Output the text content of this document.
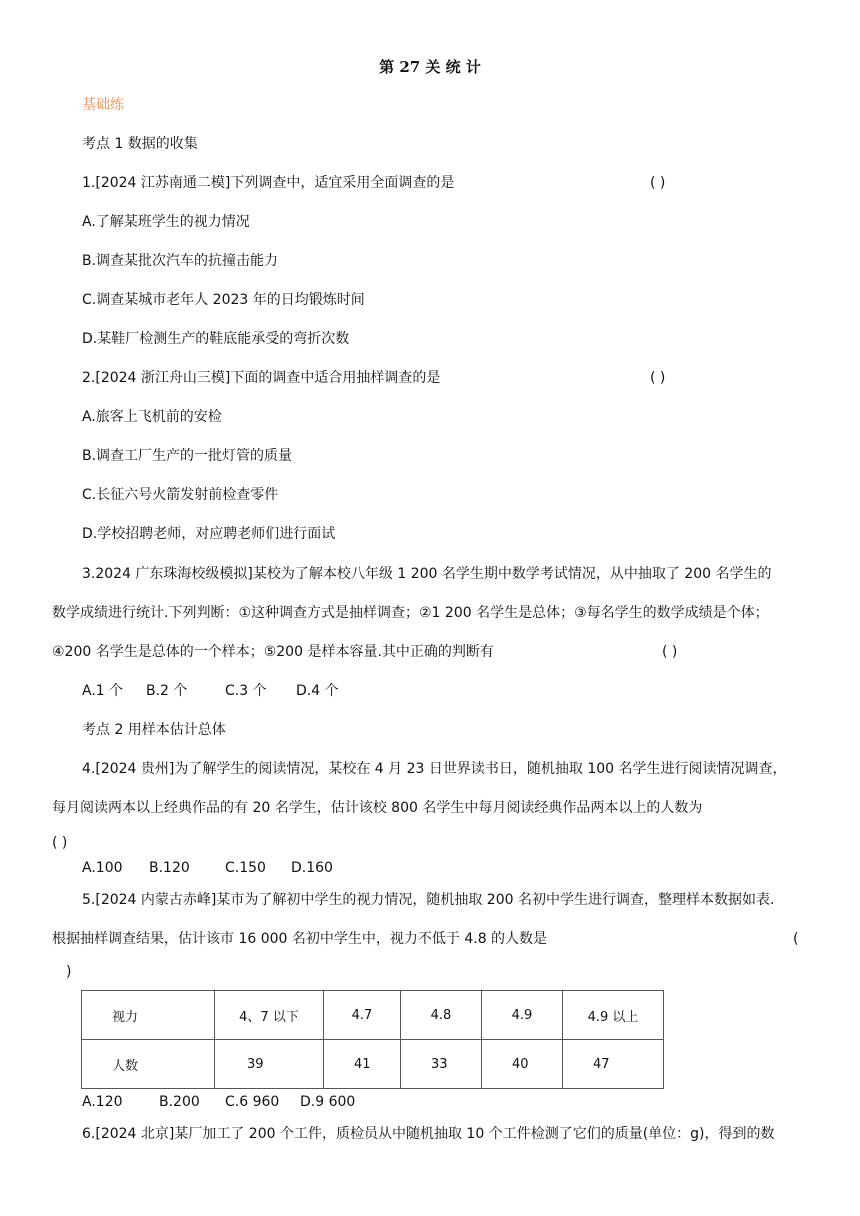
第 27 关 统 计
基础练
考点 1 数据的收集
1.[2024 江苏南通二模]下列调查中，适宜采用全面调查的是	( )
A.了解某班学生的视力情况
B.调查某批次汽车的抗撞击能力
C.调查某城市老年人 2023 年的日均锻炼时间
D.某鞋厂检测生产的鞋底能承受的弯折次数
2.[2024 浙江舟山三模]下面的调查中适合用抽样调查的是	( )
A.旅客上飞机前的安检
B.调查工厂生产的一批灯管的质量
C.长征六号火箭发射前检查零件
D.学校招聘老师，对应聘老师们进行面试
3.2024 广东珠海校级模拟]某校为了解本校八年级 1 200 名学生期中数学考试情况，从中抽取了 200 名学生的
数学成绩进行统计.下列判断：①这种调查方式是抽样调查；②1 200 名学生是总体；③每名学生的数学成绩是个体；
④200 名学生是总体的一个样本；⑤200 是样本容量.其中正确的判断有	( )
A.1 个 B.2 个	C.3 个 D.4 个
考点 2 用样本估计总体
4.[2024 贵州]为了解学生的阅读情况，某校在 4 月 23 日世界读书日，随机抽取 100 名学生进行阅读情况调查，
每月阅读两本以上经典作品的有 20 名学生，估计该校 800 名学生中每月阅读经典作品两本以上的人数为
( )
A.100 B.120	C.150 D.160
5.[2024 内蒙古赤峰]某市为了解初中学生的视力情况，随机抽取 200 名初中学生进行调查，整理样本数据如表.
根据抽样调查结果，估计该市 16 000 名初中学生中，视力不低于 4.8 的人数是	(
)
视力	4、7 以下	4.7	4.8	4.9	4.9 以上
人数	39	41	33	40	47
A.120	B.200 C.6 960 D.9 600
6.[2024 北京]某厂加工了 200 个工件，质检员从中随机抽取 10 个工件检测了它们的质量(单位：g)，得到的数
